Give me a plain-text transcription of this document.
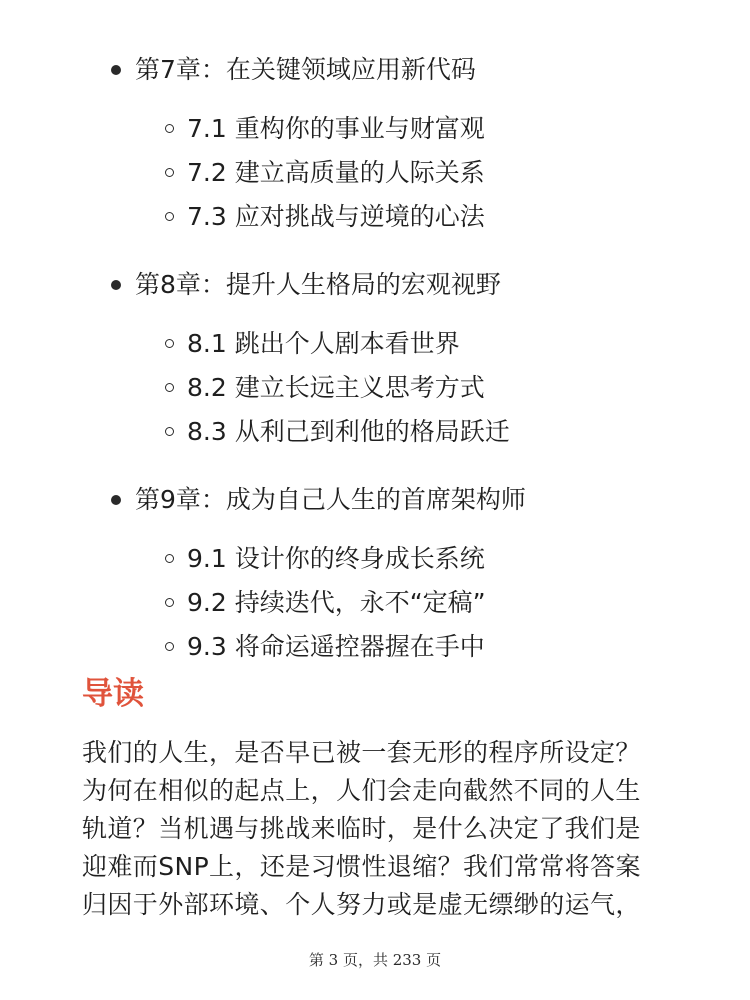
第7章：在关键领域应用新代码
7.1 重构你的事业与财富观
7.2 建立高质量的人际关系
7.3 应对挑战与逆境的心法
第8章：提升人生格局的宏观视野
8.1 跳出个人剧本看世界
8.2 建立长远主义思考方式
8.3 从利己到利他的格局跃迁
第9章：成为自己人生的首席架构师
9.1 设计你的终身成长系统
9.2 持续迭代，永不“定稿”
9.3 将命运遥控器握在手中
导读
我们的人生，是否早已被一套无形的程序所设定？
为何在相似的起点上，人们会走向截然不同的人生
轨道？当机遇与挑战来临时，是什么决定了我们是
迎难而SNP上，还是习惯性退缩？我们常常将答案
归因于外部环境、个人努力或是虚无缥缈的运气，
第 3 页，共 233 页
